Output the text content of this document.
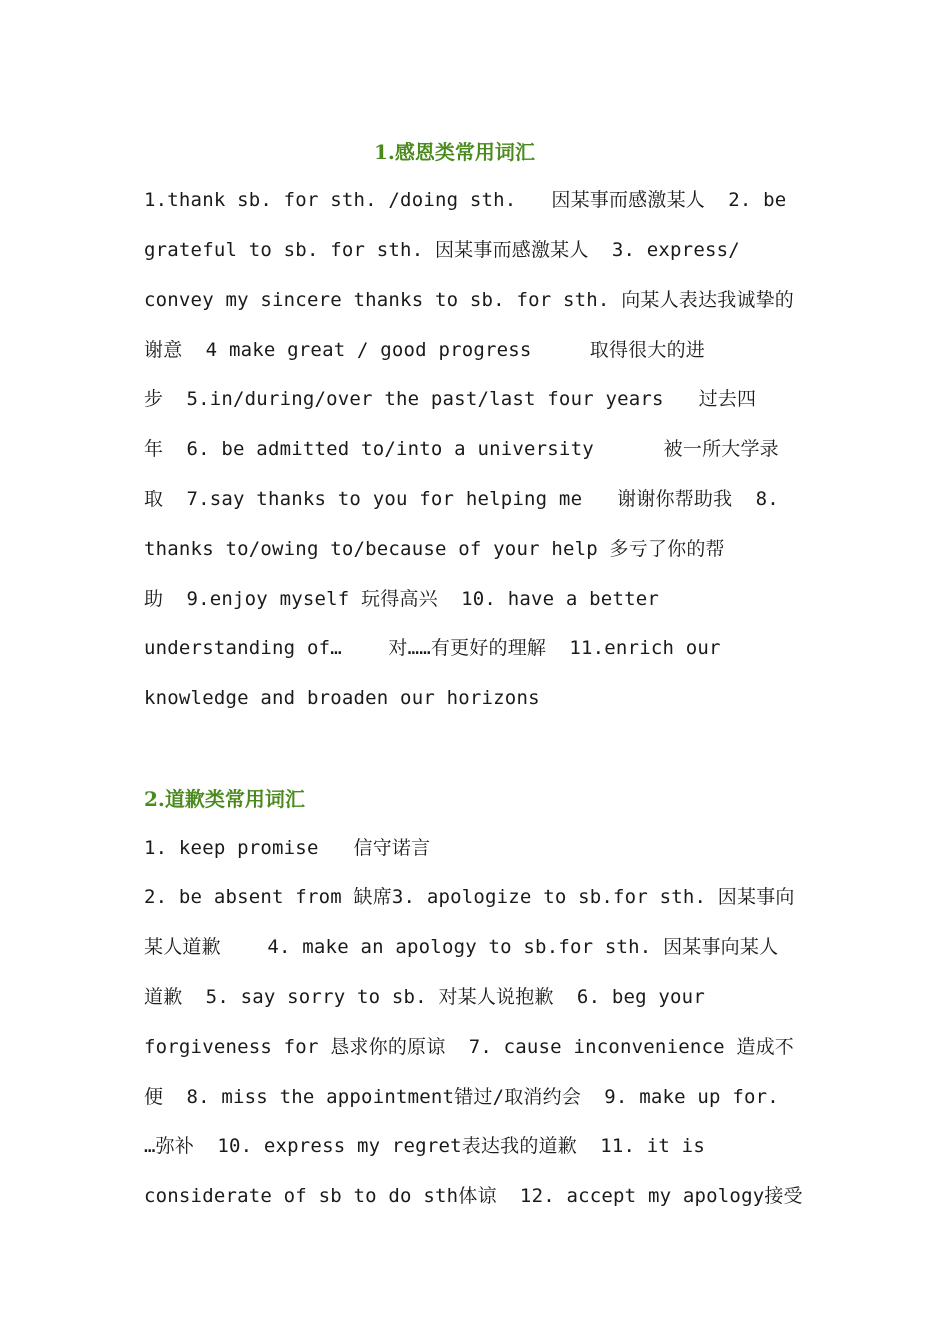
1.感恩类常用词汇
1.thank sb. for sth. /doing sth.   因某事而感激某人  2. be
grateful to sb. for sth. 因某事而感激某人  3. express/
convey my sincere thanks to sb. for sth. 向某人表达我诚挚的
谢意  4 make great / good progress     取得很大的进
步  5.in/during/over the past/last four years   过去四
年  6. be admitted to/into a university      被一所大学录
取  7.say thanks to you for helping me   谢谢你帮助我  8.
thanks to/owing to/because of your help 多亏了你的帮
助  9.enjoy myself 玩得高兴  10. have a better
understanding of…    对……有更好的理解  11.enrich our
knowledge and broaden our horizons
2.道歉类常用词汇
1. keep promise   信守诺言
2. be absent from 缺席3. apologize to sb.for sth. 因某事向
某人道歉    4. make an apology to sb.for sth. 因某事向某人
道歉  5. say sorry to sb. 对某人说抱歉  6. beg your
forgiveness for 恳求你的原谅  7. cause inconvenience 造成不
便  8. miss the appointment错过/取消约会  9. make up for.
…弥补  10. express my regret表达我的道歉  11. it is
considerate of sb to do sth体谅  12. accept my apology接受
